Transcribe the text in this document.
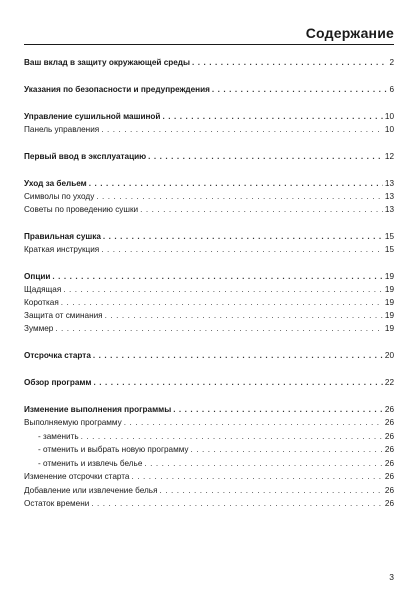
Содержание
Ваш вклад в защиту окружающей среды . . .	2
Указания по безопасности и предупреждения . . .	6
Управление сушильной машиной . . .	10
Панель управления . . .	10
Первый ввод в эксплуатацию . . .	12
Уход за бельем . . .	13
Символы по уходу . . .	13
Советы по проведению сушки . . .	13
Правильная сушка . . .	15
Краткая инструкция . . .	15
Опции . . .	19
Щадящая . . .	19
Короткая . . .	19
Защита от сминания . . .	19
Зуммер . . .	19
Отсрочка старта . . .	20
Обзор программ . . .	22
Изменение выполнения программы . . .	26
Выполняемую программу . . .	26
- заменить . . .	26
- отменить и выбрать новую программу . . .	26
- отменить и извлечь белье . . .	26
Изменение отсрочки старта . . .	26
Добавление или извлечение белья . . .	26
Остаток времени . . .	26
3
